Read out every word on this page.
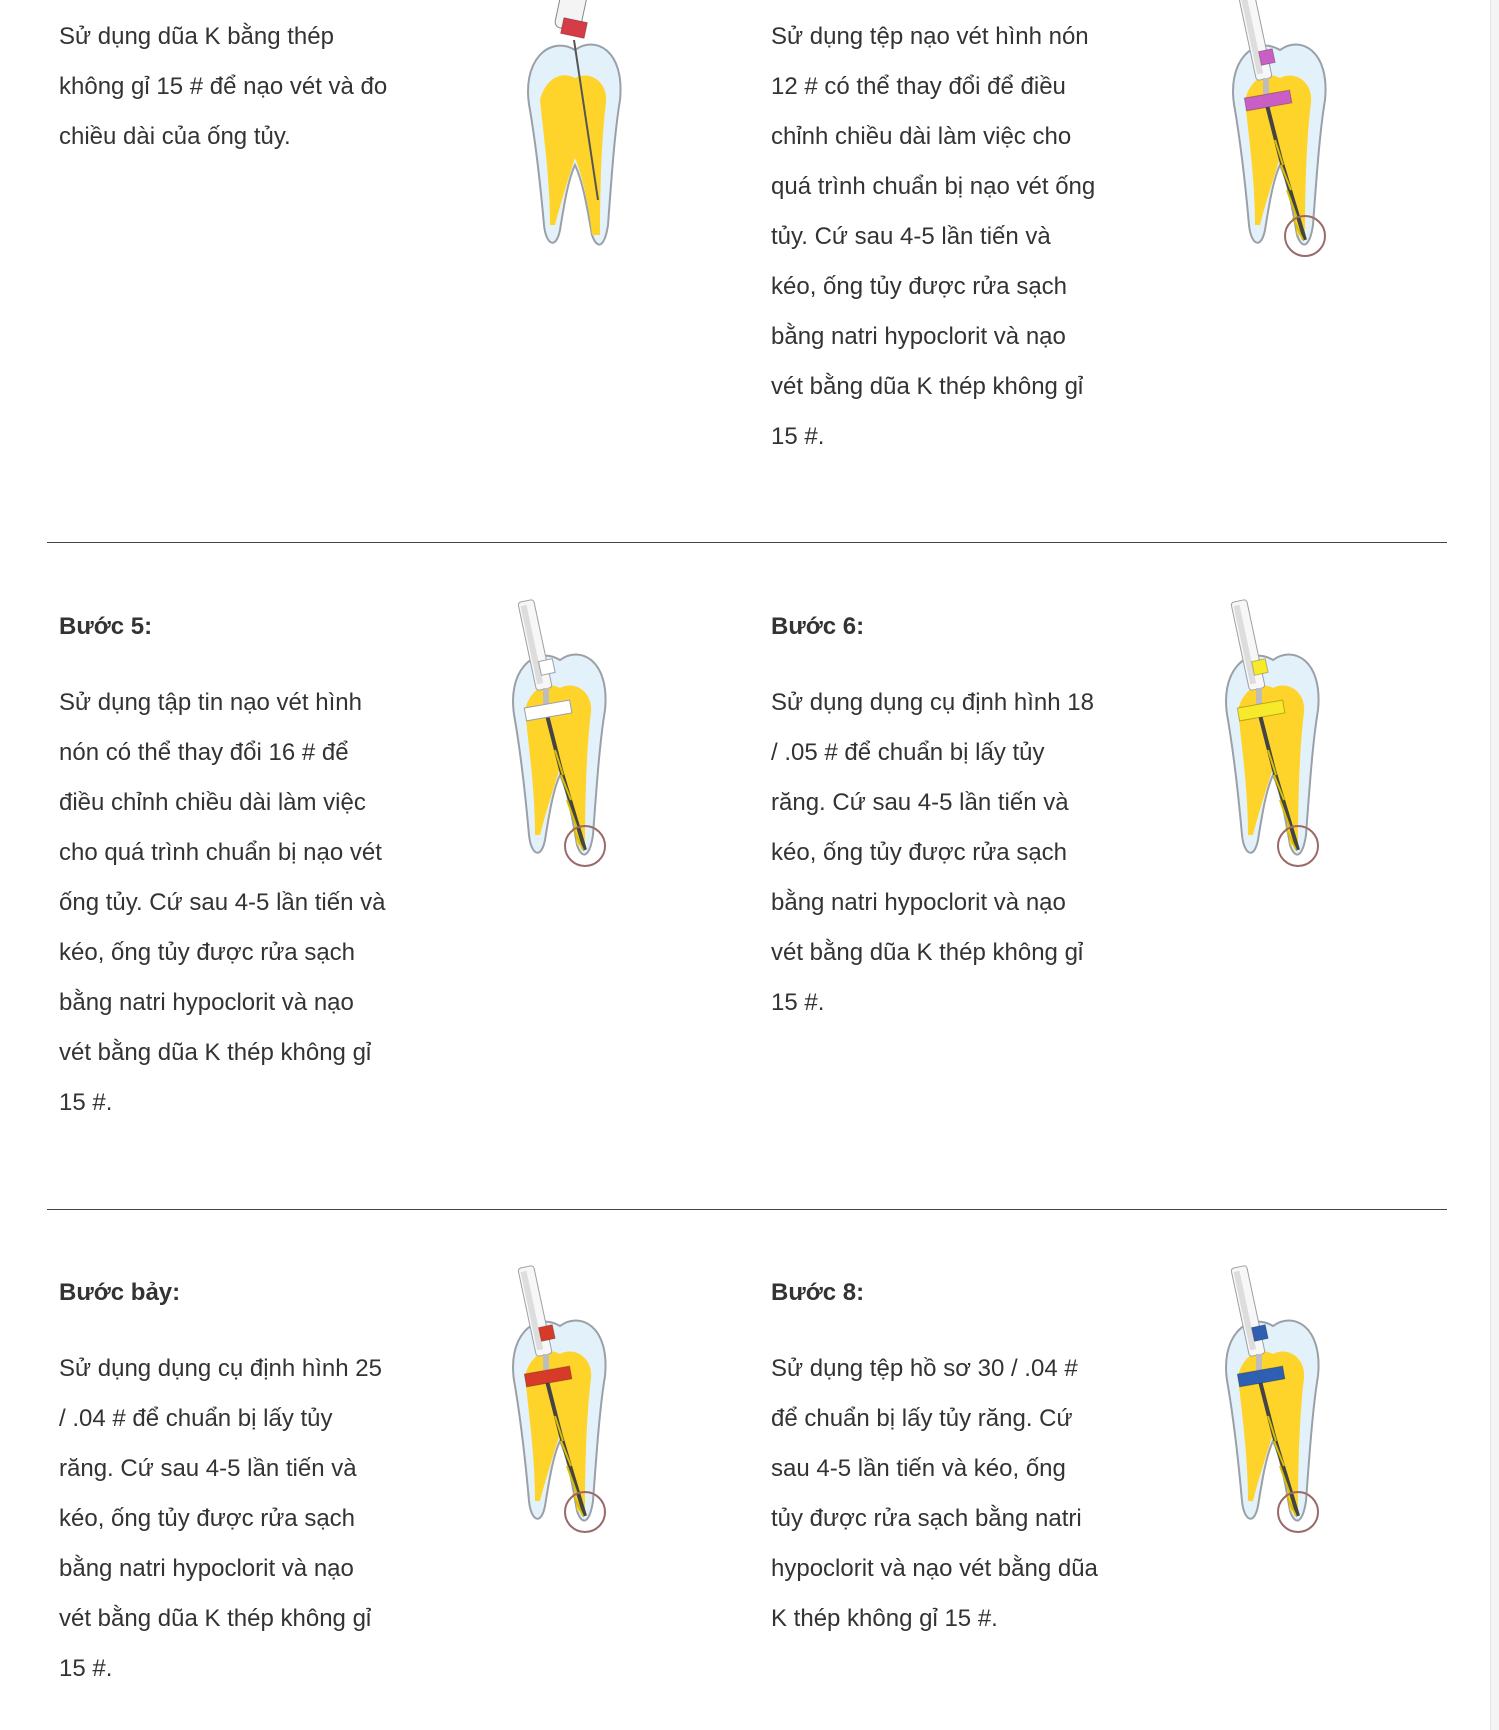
Sử dụng dũa K bằng thép không gỉ 15 # để nạo vét và đo chiều dài của ống tủy.

Sử dụng tệp nạo vét hình nón 12 # có thể thay đổi để điều chỉnh chiều dài làm việc cho quá trình chuẩn bị nạo vét ống tủy. Cứ sau 4-5 lần tiến và kéo, ống tủy được rửa sạch bằng natri hypoclorit và nạo vét bằng dũa K thép không gỉ 15 #.

Bước 5:

Sử dụng tập tin nạo vét hình nón có thể thay đổi 16 # để điều chỉnh chiều dài làm việc cho quá trình chuẩn bị nạo vét ống tủy. Cứ sau 4-5 lần tiến và kéo, ống tủy được rửa sạch bằng natri hypoclorit và nạo vét bằng dũa K thép không gỉ 15 #.

Bước 6:

Sử dụng dụng cụ định hình 18 / .05 # để chuẩn bị lấy tủy răng. Cứ sau 4-5 lần tiến và kéo, ống tủy được rửa sạch bằng natri hypoclorit và nạo vét bằng dũa K thép không gỉ 15 #.

Bước bảy:

Sử dụng dụng cụ định hình 25 / .04 # để chuẩn bị lấy tủy răng. Cứ sau 4-5 lần tiến và kéo, ống tủy được rửa sạch bằng natri hypoclorit và nạo vét bằng dũa K thép không gỉ 15 #.

Bước 8:

Sử dụng tệp hồ sơ 30 / .04 # để chuẩn bị lấy tủy răng. Cứ sau 4-5 lần tiến và kéo, ống tủy được rửa sạch bằng natri hypoclorit và nạo vét bằng dũa K thép không gỉ 15 #.
